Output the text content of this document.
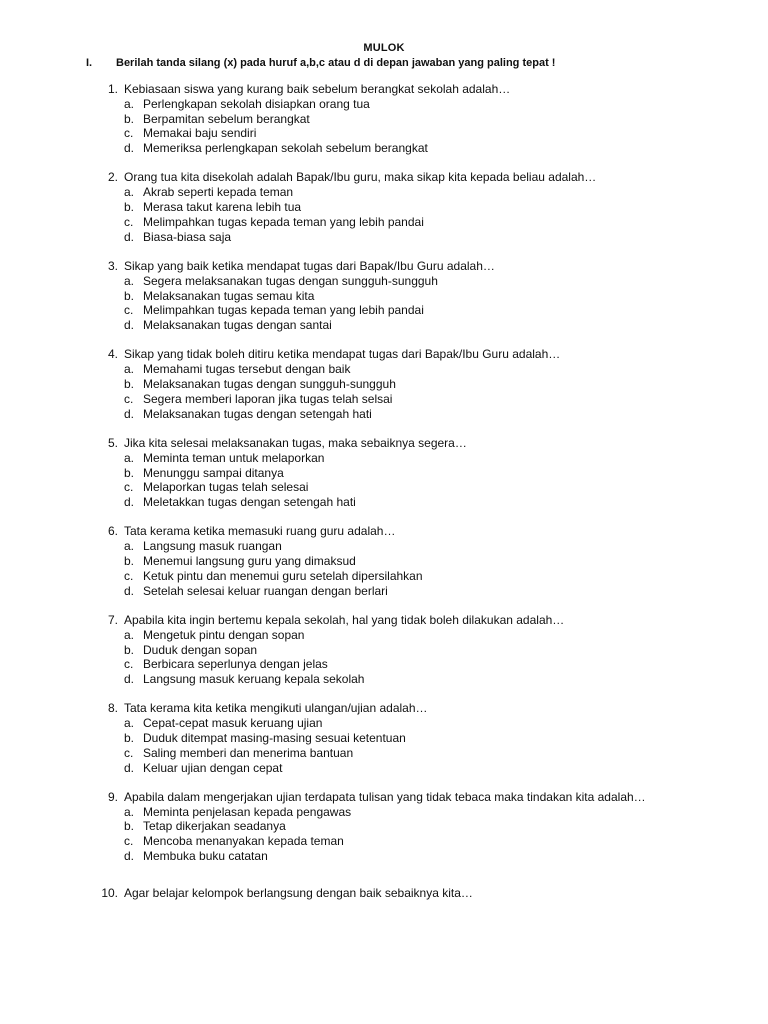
MULOK
I. Berilah tanda silang (x) pada huruf a,b,c atau d di depan jawaban yang paling tepat !
1. Kebiasaan siswa yang kurang baik sebelum berangkat sekolah adalah…
a. Perlengkapan sekolah disiapkan orang tua
b. Berpamitan sebelum berangkat
c. Memakai baju sendiri
d. Memeriksa perlengkapan sekolah sebelum berangkat
2. Orang tua kita disekolah adalah Bapak/Ibu guru, maka sikap kita kepada beliau adalah…
a. Akrab seperti kepada teman
b. Merasa takut karena lebih tua
c. Melimpahkan tugas kepada teman yang lebih pandai
d. Biasa-biasa saja
3. Sikap yang baik ketika mendapat tugas dari Bapak/Ibu Guru adalah…
a. Segera melaksanakan tugas dengan sungguh-sungguh
b. Melaksanakan tugas semau kita
c. Melimpahkan tugas kepada teman yang lebih pandai
d. Melaksanakan tugas dengan santai
4. Sikap yang tidak boleh ditiru ketika mendapat tugas dari Bapak/Ibu Guru adalah…
a. Memahami tugas tersebut dengan baik
b. Melaksanakan tugas dengan sungguh-sungguh
c. Segera memberi laporan jika tugas telah selsai
d. Melaksanakan tugas dengan setengah hati
5. Jika kita selesai melaksanakan tugas, maka sebaiknya segera…
a. Meminta teman untuk melaporkan
b. Menunggu sampai ditanya
c. Melaporkan tugas telah selesai
d. Meletakkan tugas dengan setengah hati
6. Tata kerama ketika memasuki ruang guru adalah…
a. Langsung masuk ruangan
b. Menemui langsung guru yang dimaksud
c. Ketuk pintu dan menemui guru setelah dipersilahkan
d. Setelah selesai keluar ruangan dengan berlari
7. Apabila kita ingin bertemu kepala sekolah, hal yang tidak boleh dilakukan adalah…
a. Mengetuk pintu dengan sopan
b. Duduk dengan sopan
c. Berbicara seperlunya dengan jelas
d. Langsung masuk keruang kepala sekolah
8. Tata kerama kita ketika mengikuti ulangan/ujian adalah…
a. Cepat-cepat masuk keruang ujian
b. Duduk ditempat masing-masing sesuai ketentuan
c. Saling memberi dan menerima bantuan
d. Keluar ujian dengan cepat
9. Apabila dalam mengerjakan ujian terdapata tulisan yang tidak tebaca maka tindakan kita adalah…
a. Meminta penjelasan kepada pengawas
b. Tetap dikerjakan seadanya
c. Mencoba menanyakan kepada teman
d. Membuka buku catatan
10. Agar belajar kelompok berlangsung dengan baik sebaiknya kita…
